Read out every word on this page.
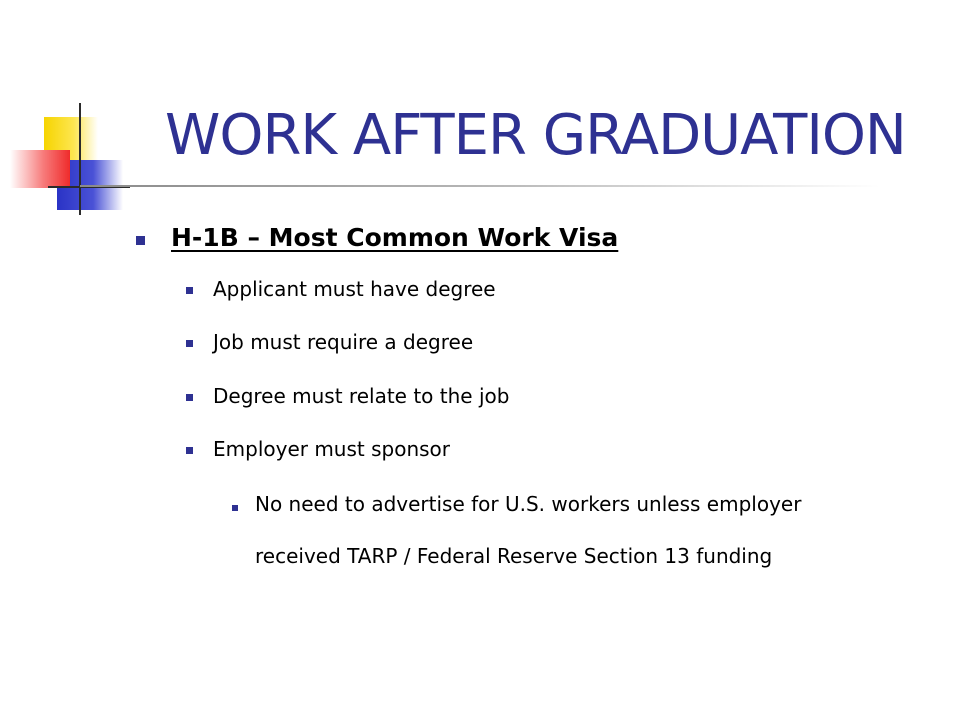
WORK AFTER GRADUATION

H-1B – Most Common Work Visa

Applicant must have degree

Job must require a degree

Degree must relate to the job

Employer must sponsor

No need to advertise for U.S. workers unless employer

received TARP / Federal Reserve Section 13 funding
